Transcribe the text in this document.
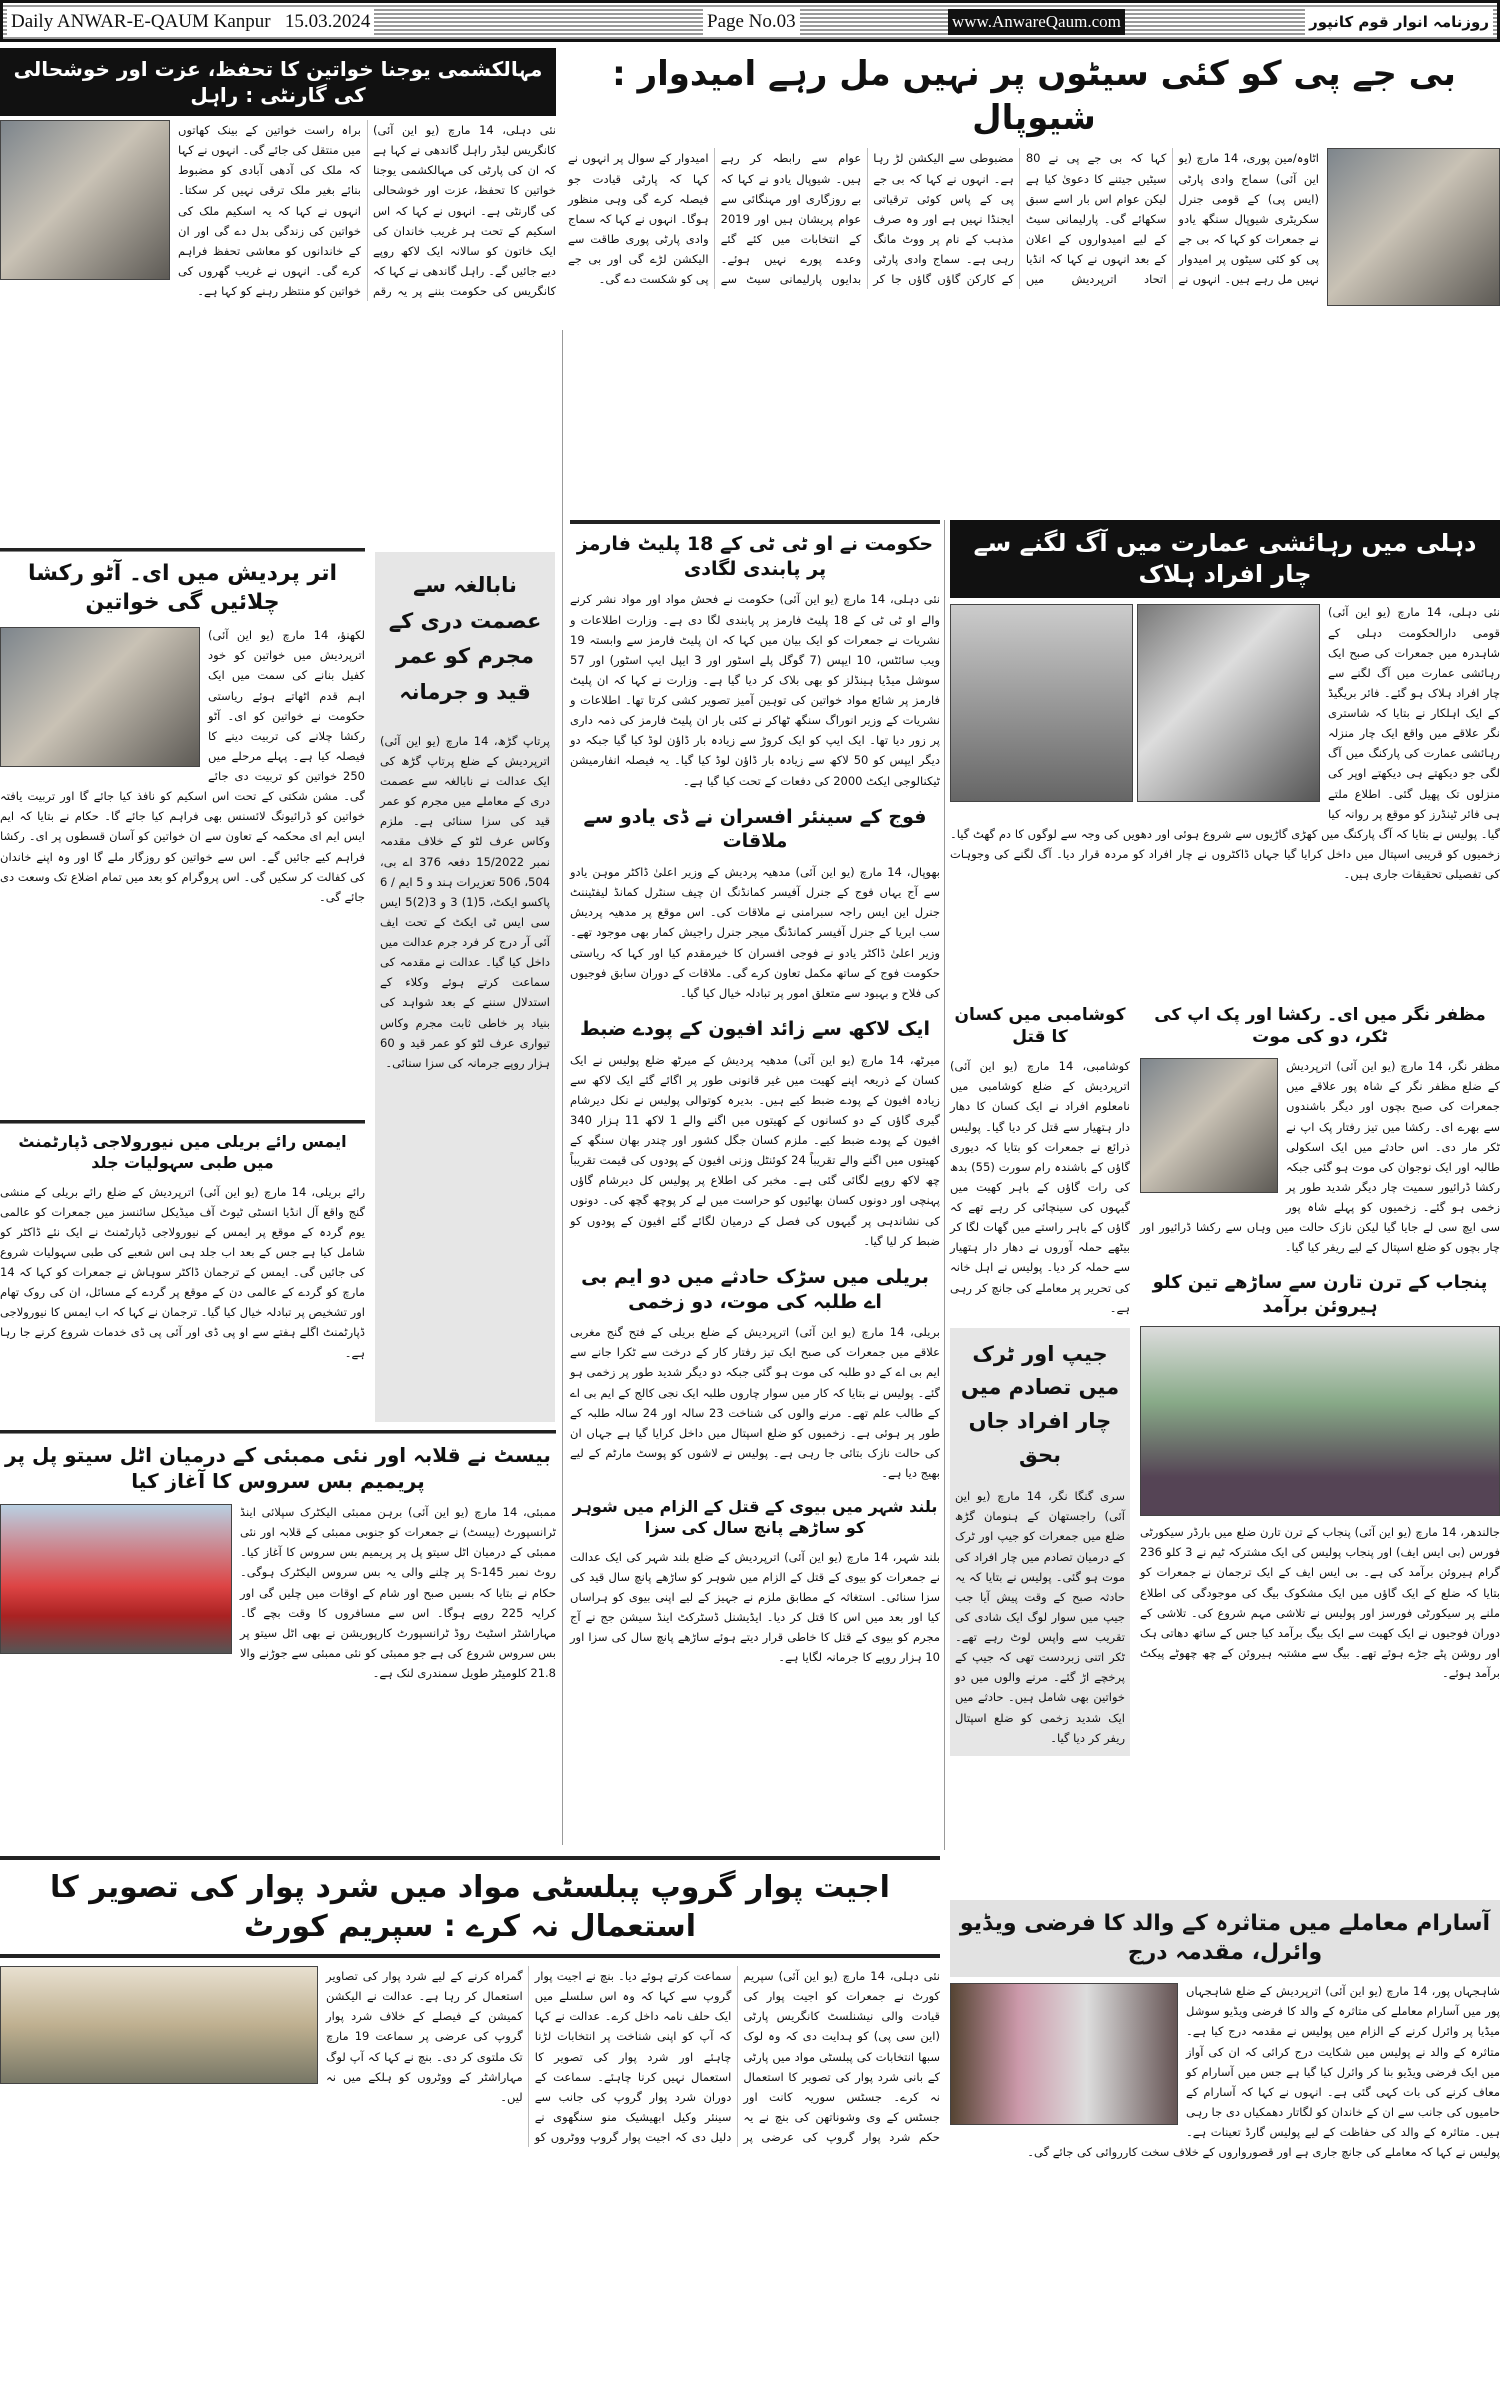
Daily ANWAR-E-QAUM Kanpur 15.03.2024	Page No.03	www.AnwareQaum.com	روزنامہ انوار قوم کانپور
بی جے پی کو کئی سیٹوں پر نہیں مل رہے امیدوار : شیوپال
اٹاوہ/مین پوری، 14 مارچ (یو این آئی) سماج وادی پارٹی (ایس پی) کے قومی جنرل سکریٹری شیوپال سنگھ یادو نے جمعرات کو کہا کہ بی جے پی کو کئی سیٹوں پر امیدوار نہیں مل رہے ہیں۔ انہوں نے کہا کہ بی جے پی نے 80 سیٹیں جیتنے کا دعویٰ کیا ہے لیکن عوام اس بار اسے سبق سکھائے گی۔ پارلیمانی سیٹ کے لیے امیدواروں کے اعلان کے بعد انہوں نے کہا کہ انڈیا اتحاد اترپردیش میں مضبوطی سے الیکشن لڑ رہا ہے۔ انہوں نے کہا کہ بی جے پی کے پاس کوئی ترقیاتی ایجنڈا نہیں ہے اور وہ صرف مذہب کے نام پر ووٹ مانگ رہی ہے۔ سماج وادی پارٹی کے کارکن گاؤں گاؤں جا کر عوام سے رابطہ کر رہے ہیں۔ شیوپال یادو نے کہا کہ بے روزگاری اور مہنگائی سے عوام پریشان ہیں اور 2019 کے انتخابات میں کئے گئے وعدے پورے نہیں ہوئے۔ بدایوں پارلیمانی سیٹ سے امیدوار کے سوال پر انہوں نے کہا کہ پارٹی قیادت جو فیصلہ کرے گی وہی منظور ہوگا۔ انہوں نے کہا کہ سماج وادی پارٹی پوری طاقت سے الیکشن لڑے گی اور بی جے پی کو شکست دے گی۔
مہالکشمی یوجنا خواتین کا تحفظ، عزت اور خوشحالی کی گارنٹی : راہل
نئی دہلی، 14 مارچ (یو این آئی) کانگریس لیڈر راہل گاندھی نے کہا ہے کہ ان کی پارٹی کی مہالکشمی یوجنا خواتین کا تحفظ، عزت اور خوشحالی کی گارنٹی ہے۔ انہوں نے کہا کہ اس اسکیم کے تحت ہر غریب خاندان کی ایک خاتون کو سالانہ ایک لاکھ روپے دیے جائیں گے۔ راہل گاندھی نے کہا کہ کانگریس کی حکومت بننے پر یہ رقم براہ راست خواتین کے بینک کھاتوں میں منتقل کی جائے گی۔ انہوں نے کہا کہ ملک کی آدھی آبادی کو مضبوط بنائے بغیر ملک ترقی نہیں کر سکتا۔ انہوں نے کہا کہ یہ اسکیم ملک کی خواتین کی زندگی بدل دے گی اور ان کے خاندانوں کو معاشی تحفظ فراہم کرے گی۔ انہوں نے غریب گھروں کی خواتین کو منتظر رہنے کو کہا ہے۔
اتر پردیش میں ای۔ آٹو رکشا چلائیں گی خواتین
لکھنؤ، 14 مارچ (یو این آئی) اترپردیش میں خواتین کو خود کفیل بنانے کی سمت میں ایک اہم قدم اٹھاتے ہوئے ریاستی حکومت نے خواتین کو ای۔ آٹو رکشا چلانے کی تربیت دینے کا فیصلہ کیا ہے۔ پہلے مرحلے میں 250 خواتین کو تربیت دی جائے گی۔ مشن شکتی کے تحت اس اسکیم کو نافذ کیا جائے گا اور تربیت یافتہ خواتین کو ڈرائیونگ لائسنس بھی فراہم کیا جائے گا۔ حکام نے بتایا کہ ایم ایس ایم ای محکمہ کے تعاون سے ان خواتین کو آسان قسطوں پر ای۔ رکشا فراہم کیے جائیں گے۔ اس سے خواتین کو روزگار ملے گا اور وہ اپنے خاندان کی کفالت کر سکیں گی۔ اس پروگرام کو بعد میں تمام اضلاع تک وسعت دی جائے گی۔
نابالغہ سے عصمت دری کے مجرم کو عمر قید و جرمانہ
پرتاپ گڑھ، 14 مارچ (یو این آئی) اترپردیش کے ضلع پرتاپ گڑھ کی ایک عدالت نے نابالغہ سے عصمت دری کے معاملے میں مجرم کو عمر قید کی سزا سنائی ہے۔ ملزم وکاس عرف لٹو کے خلاف مقدمہ نمبر 15/2022 دفعہ 376 اے بی، 504، 506 تعزیرات ہند و 5 ایم / 6 پاکسو ایکٹ، 5(1) 3 و 3(2)5 ایس سی ایس ٹی ایکٹ کے تحت ایف آئی آر درج کر فرد جرم عدالت میں داخل کیا گیا۔ عدالت نے مقدمہ کی سماعت کرتے ہوئے وکلاء کے استدلال سننے کے بعد شواہد کی بنیاد پر خاطی ثابت مجرم وکاس تیواری عرف لٹو کو عمر قید و 60 ہزار روپے جرمانہ کی سزا سنائی۔
ایمس رائے بریلی میں نیورولاجی ڈپارٹمنٹ میں طبی سہولیات جلد
رائے بریلی، 14 مارچ (یو این آئی) اترپردیش کے ضلع رائے بریلی کے منشی گنج واقع آل انڈیا انسٹی ٹیوٹ آف میڈیکل سائنسز میں جمعرات کو عالمی یوم گردہ کے موقع پر ایمس کے نیورولاجی ڈپارٹمنٹ نے ایک نئے ڈاکٹر کو شامل کیا ہے جس کے بعد اب جلد ہی اس شعبے کی طبی سہولیات شروع کی جائیں گی۔ ایمس کے ترجمان ڈاکٹر سوہاش نے جمعرات کو کہا کہ 14 مارچ کو گردے کے عالمی دن کے موقع پر گردے کے مسائل، ان کی روک تھام اور تشخیص پر تبادلہ خیال کیا گیا۔ ترجمان نے کہا کہ اب ایمس کا نیورولاجی ڈپارٹمنٹ اگلے ہفتے سے او پی ڈی اور آئی پی ڈی خدمات شروع کرنے جا رہا ہے۔
بیسٹ نے قلابہ اور نئی ممبئی کے درمیان اٹل سیتو پل پر پریمیم بس سروس کا آغاز کیا
ممبئی، 14 مارچ (یو این آئی) برہن ممبئی الیکٹرک سپلائی اینڈ ٹرانسپورٹ (بیسٹ) نے جمعرات کو جنوبی ممبئی کے قلابہ اور نئی ممبئی کے درمیان اٹل سیتو پل پر پریمیم بس سروس کا آغاز کیا۔ روٹ نمبر S-145 پر چلنے والی یہ بس سروس الیکٹرک ہوگی۔ حکام نے بتایا کہ بسیں صبح اور شام کے اوقات میں چلیں گی اور کرایہ 225 روپے ہوگا۔ اس سے مسافروں کا وقت بچے گا۔ مہاراشٹر اسٹیٹ روڈ ٹرانسپورٹ کارپوریشن نے بھی اٹل سیتو پر بس سروس شروع کی ہے جو ممبئی کو نئی ممبئی سے جوڑنے والا 21.8 کلومیٹر طویل سمندری لنک ہے۔
حکومت نے او ٹی ٹی کے 18 پلیٹ فارمز پر پابندی لگادی
نئی دہلی، 14 مارچ (یو این آئی) حکومت نے فحش مواد اور مواد نشر کرنے والے او ٹی ٹی کے 18 پلیٹ فارمز پر پابندی لگا دی ہے۔ وزارت اطلاعات و نشریات نے جمعرات کو ایک بیان میں کہا کہ ان پلیٹ فارمز سے وابستہ 19 ویب سائٹس، 10 ایپس (7 گوگل پلے اسٹور اور 3 ایپل ایپ اسٹور) اور 57 سوشل میڈیا ہینڈلز کو بھی بلاک کر دیا گیا ہے۔ وزارت نے کہا کہ ان پلیٹ فارمز پر شائع مواد خواتین کی توہین آمیز تصویر کشی کرتا تھا۔ اطلاعات و نشریات کے وزیر انوراگ سنگھ ٹھاکر نے کئی بار ان پلیٹ فارمز کی ذمہ داری پر زور دیا تھا۔ ایک ایپ کو ایک کروڑ سے زیادہ بار ڈاؤن لوڈ کیا گیا جبکہ دو دیگر ایپس کو 50 لاکھ سے زیادہ بار ڈاؤن لوڈ کیا گیا۔ یہ فیصلہ انفارمیشن ٹیکنالوجی ایکٹ 2000 کی دفعات کے تحت کیا گیا ہے۔
فوج کے سینئر افسران نے ڈی یادو سے ملاقات
بھوپال، 14 مارچ (یو این آئی) مدھیہ پردیش کے وزیر اعلیٰ ڈاکٹر موہن یادو سے آج یہاں فوج کے جنرل آفیسر کمانڈنگ ان چیف سنٹرل کمانڈ لیفٹیننٹ جنرل این ایس راجہ سبرامنی نے ملاقات کی۔ اس موقع پر مدھیہ پردیش سب ایریا کے جنرل آفیسر کمانڈنگ میجر جنرل راجیش کمار بھی موجود تھے۔ وزیر اعلیٰ ڈاکٹر یادو نے فوجی افسران کا خیرمقدم کیا اور کہا کہ ریاستی حکومت فوج کے ساتھ مکمل تعاون کرے گی۔ ملاقات کے دوران سابق فوجیوں کی فلاح و بہبود سے متعلق امور پر تبادلہ خیال کیا گیا۔
ایک لاکھ سے زائد افیون کے پودے ضبط
میرٹھ، 14 مارچ (یو این آئی) مدھیہ پردیش کے میرٹھ ضلع پولیس نے ایک کسان کے ذریعہ اپنے کھیت میں غیر قانونی طور پر اگائے گئے ایک لاکھ سے زیادہ افیون کے پودے ضبط کیے ہیں۔ بدیرہ کوتوالی پولیس نے نکل دیرشام گیری گاؤں کے دو کسانوں کے کھیتوں میں اگنے والے 1 لاکھ 11 ہزار 340 افیون کے پودے ضبط کیے۔ ملزم کسان جگل کشور اور چندر بھان سنگھ کے کھیتوں میں اگنے والے تقریباً 24 کوئنٹل وزنی افیون کے پودوں کی قیمت تقریباً چھ لاکھ روپے لگائی گئی ہے۔ مخبر کی اطلاع پر پولیس کل دیرشام گاؤں پہنچی اور دونوں کسان بھائیوں کو حراست میں لے کر پوچھ گچھ کی۔ دونوں کی نشاندہی پر گیہوں کی فصل کے درمیان لگائے گئے افیون کے پودوں کو ضبط کر لیا گیا۔
بریلی میں سڑک حادثے میں دو ایم بی اے طلبہ کی موت، دو زخمی
بریلی، 14 مارچ (یو این آئی) اترپردیش کے ضلع بریلی کے فتح گنج مغربی علاقے میں جمعرات کی صبح ایک تیز رفتار کار کے درخت سے ٹکرا جانے سے ایم بی اے کے دو طلبہ کی موت ہو گئی جبکہ دو دیگر شدید طور پر زخمی ہو گئے۔ پولیس نے بتایا کہ کار میں سوار چاروں طلبہ ایک نجی کالج کے ایم بی اے کے طالب علم تھے۔ مرنے والوں کی شناخت 23 سالہ اور 24 سالہ طلبہ کے طور پر ہوئی ہے۔ زخمیوں کو ضلع اسپتال میں داخل کرایا گیا ہے جہاں ان کی حالت نازک بتائی جا رہی ہے۔ پولیس نے لاشوں کو پوسٹ مارٹم کے لیے بھیج دیا ہے۔
بلند شہر میں بیوی کے قتل کے الزام میں شوہر کو ساڑھے پانچ سال کی سزا
بلند شہر، 14 مارچ (یو این آئی) اترپردیش کے ضلع بلند شہر کی ایک عدالت نے جمعرات کو بیوی کے قتل کے الزام میں شوہر کو ساڑھے پانچ سال قید کی سزا سنائی۔ استغاثہ کے مطابق ملزم نے جہیز کے لیے اپنی بیوی کو ہراساں کیا اور بعد میں اس کا قتل کر دیا۔ ایڈیشنل ڈسٹرکٹ اینڈ سیشن جج نے آج مجرم کو بیوی کے قتل کا خاطی قرار دیتے ہوئے ساڑھے پانچ سال کی سزا اور 10 ہزار روپے کا جرمانہ لگایا ہے۔
دہلی میں رہائشی عمارت میں آگ لگنے سے چار افراد ہلاک
نئی دہلی، 14 مارچ (یو این آئی) قومی دارالحکومت دہلی کے شاہدرہ میں جمعرات کی صبح ایک رہائشی عمارت میں آگ لگنے سے چار افراد ہلاک ہو گئے۔ فائر بریگیڈ کے ایک اہلکار نے بتایا کہ شاستری نگر علاقے میں واقع ایک چار منزلہ رہائشی عمارت کی پارکنگ میں آگ لگی جو دیکھتے ہی دیکھتے اوپر کی منزلوں تک پھیل گئی۔ اطلاع ملتے ہی فائر ٹینڈرز کو موقع پر روانہ کیا گیا۔ پولیس نے بتایا کہ آگ پارکنگ میں کھڑی گاڑیوں سے شروع ہوئی اور دھویں کی وجہ سے لوگوں کا دم گھٹ گیا۔ زخمیوں کو قریبی اسپتال میں داخل کرایا گیا جہاں ڈاکٹروں نے چار افراد کو مردہ قرار دیا۔ آگ لگنے کی وجوہات کی تفصیلی تحقیقات جاری ہیں۔
کوشامبی میں کسان کا قتل
کوشامبی، 14 مارچ (یو این آئی) اترپردیش کے ضلع کوشامبی میں نامعلوم افراد نے ایک کسان کا دھار دار ہتھیار سے قتل کر دیا گیا۔ پولیس ذرائع نے جمعرات کو بتایا کہ دیوری گاؤں کے باشندہ رام سورت (55) بدھ کی رات گاؤں کے باہر کھیت میں گیہوں کی سینچائی کر رہے تھے کہ گاؤں کے باہر راستے میں گھات لگا کر بیٹھے حملہ آوروں نے دھار دار ہتھیار سے حملہ کر دیا۔ پولیس نے اہل خانہ کی تحریر پر معاملے کی جانچ کر رہی ہے۔
جیپ اور ٹرک میں تصادم میں چار افراد جاں بحق
سری گنگا نگر، 14 مارچ (یو این آئی) راجستھان کے ہنومان گڑھ ضلع میں جمعرات کو جیپ اور ٹرک کے درمیان تصادم میں چار افراد کی موت ہو گئی۔ پولیس نے بتایا کہ یہ حادثہ صبح کے وقت پیش آیا جب جیپ میں سوار لوگ ایک شادی کی تقریب سے واپس لوٹ رہے تھے۔ ٹکر اتنی زبردست تھی کہ جیپ کے پرخچے اڑ گئے۔ مرنے والوں میں دو خواتین بھی شامل ہیں۔ حادثے میں ایک شدید زخمی کو ضلع اسپتال ریفر کر دیا گیا۔
مظفر نگر میں ای۔ رکشا اور پک اپ کی ٹکر، دو کی موت
مظفر نگر، 14 مارچ (یو این آئی) اترپردیش کے ضلع مظفر نگر کے شاہ پور علاقے میں جمعرات کی صبح بچوں اور دیگر باشندوں سے بھرے ای۔ رکشا میں تیز رفتار پک اپ نے ٹکر مار دی۔ اس حادثے میں ایک اسکولی طالبہ اور ایک نوجوان کی موت ہو گئی جبکہ رکشا ڈرائیور سمیت چار دیگر شدید طور پر زخمی ہو گئے۔ زخمیوں کو پہلے شاہ پور سی ایچ سی لے جایا گیا لیکن نازک حالت میں وہاں سے رکشا ڈرائیور اور چار بچوں کو ضلع اسپتال کے لیے ریفر کیا گیا۔
پنجاب کے ترن تارن سے ساڑھے تین کلو ہیروئن برآمد
جالندھر، 14 مارچ (یو این آئی) پنجاب کے ترن تارن ضلع میں بارڈر سیکورٹی فورس (بی ایس ایف) اور پنجاب پولیس کی ایک مشترکہ ٹیم نے 3 کلو 236 گرام ہیروئن برآمد کی ہے۔ بی ایس ایف کے ایک ترجمان نے جمعرات کو بتایا کہ ضلع کے ایک گاؤں میں ایک مشکوک بیگ کی موجودگی کی اطلاع ملنے پر سیکورٹی فورسز اور پولیس نے تلاشی مہم شروع کی۔ تلاشی کے دوران فوجیوں نے ایک کھیت سے ایک بیگ برآمد کیا جس کے ساتھ دھاتی ہک اور روشن پٹے جڑے ہوئے تھے۔ بیگ سے مشتبہ ہیروئن کے چھ چھوٹے پیکٹ برآمد ہوئے۔
اجیت پوار گروپ پبلسٹی مواد میں شرد پوار کی تصویر کا استعمال نہ کرے : سپریم کورٹ
نئی دہلی، 14 مارچ (یو این آئی) سپریم کورٹ نے جمعرات کو اجیت پوار کی قیادت والی نیشنلسٹ کانگریس پارٹی (این سی پی) کو ہدایت دی کہ وہ لوک سبھا انتخابات کی پبلسٹی مواد میں پارٹی کے بانی شرد پوار کی تصویر کا استعمال نہ کرے۔ جسٹس سوریہ کانت اور جسٹس کے وی وشوناتھن کی بنچ نے یہ حکم شرد پوار گروپ کی عرضی پر سماعت کرتے ہوئے دیا۔ بنچ نے اجیت پوار گروپ سے کہا کہ وہ اس سلسلے میں ایک حلف نامہ داخل کرے۔ عدالت نے کہا کہ آپ کو اپنی شناخت پر انتخابات لڑنا چاہئے اور شرد پوار کی تصویر کا استعمال نہیں کرنا چاہئے۔ سماعت کے دوران شرد پوار گروپ کی جانب سے سینئر وکیل ابھیشیک منو سنگھوی نے دلیل دی کہ اجیت پوار گروپ ووٹروں کو گمراہ کرنے کے لیے شرد پوار کی تصاویر استعمال کر رہا ہے۔ عدالت نے الیکشن کمیشن کے فیصلے کے خلاف شرد پوار گروپ کی عرضی پر سماعت 19 مارچ تک ملتوی کر دی۔ بنچ نے کہا کہ آپ لوگ مہاراشٹر کے ووٹروں کو ہلکے میں نہ لیں۔
آسارام معاملے میں متاثرہ کے والد کا فرضی ویڈیو وائرل، مقدمہ درج
شاہجہاں پور، 14 مارچ (یو این آئی) اترپردیش کے ضلع شاہجہاں پور میں آسارام معاملے کی متاثرہ کے والد کا فرضی ویڈیو سوشل میڈیا پر وائرل کرنے کے الزام میں پولیس نے مقدمہ درج کیا ہے۔ متاثرہ کے والد نے پولیس میں شکایت درج کرائی کہ ان کی آواز میں ایک فرضی ویڈیو بنا کر وائرل کیا گیا ہے جس میں آسارام کو معاف کرنے کی بات کہی گئی ہے۔ انہوں نے کہا کہ آسارام کے حامیوں کی جانب سے ان کے خاندان کو لگاتار دھمکیاں دی جا رہی ہیں۔ متاثرہ کے والد کی حفاظت کے لیے پولیس گارڈ تعینات ہے۔ پولیس نے کہا کہ معاملے کی جانچ جاری ہے اور قصورواروں کے خلاف سخت کارروائی کی جائے گی۔
